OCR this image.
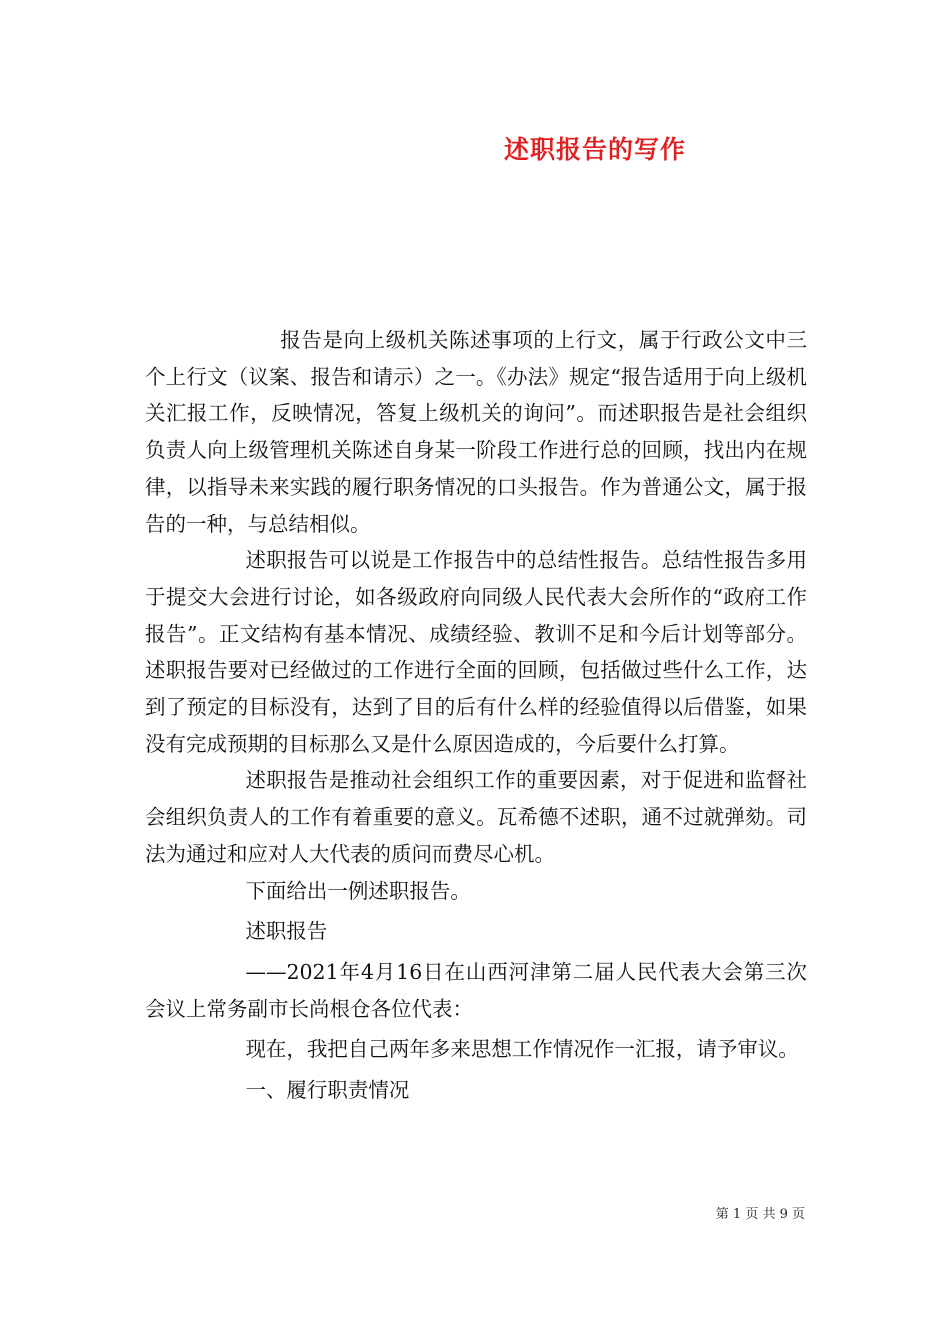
述职报告的写作

报告是向上级机关陈述事项的上行文，属于行政公文中三个上行文（议案、报告和请示）之一。《办法》规定“报告适用于向上级机关汇报工作，反映情况，答复上级机关的询问”。而述职报告是社会组织负责人向上级管理机关陈述自身某一阶段工作进行总的回顾，找出内在规律，以指导未来实践的履行职务情况的口头报告。作为普通公文，属于报告的一种，与总结相似。

述职报告可以说是工作报告中的总结性报告。总结性报告多用于提交大会进行讨论，如各级政府向同级人民代表大会所作的“政府工作报告”。正文结构有基本情况、成绩经验、教训不足和今后计划等部分。述职报告要对已经做过的工作进行全面的回顾，包括做过些什么工作，达到了预定的目标没有，达到了目的后有什么样的经验值得以后借鉴，如果没有完成预期的目标那么又是什么原因造成的，今后要什么打算。

述职报告是推动社会组织工作的重要因素，对于促进和监督社会组织负责人的工作有着重要的意义。瓦希德不述职，通不过就弹劾。司法为通过和应对人大代表的质问而费尽心机。

下面给出一例述职报告。

述职报告

——2021年4月16日在山西河津第二届人民代表大会第三次会议上常务副市长尚根仓各位代表：

现在，我把自己两年多来思想工作情况作一汇报，请予审议。

一、履行职责情况

第 1 页 共 9 页
